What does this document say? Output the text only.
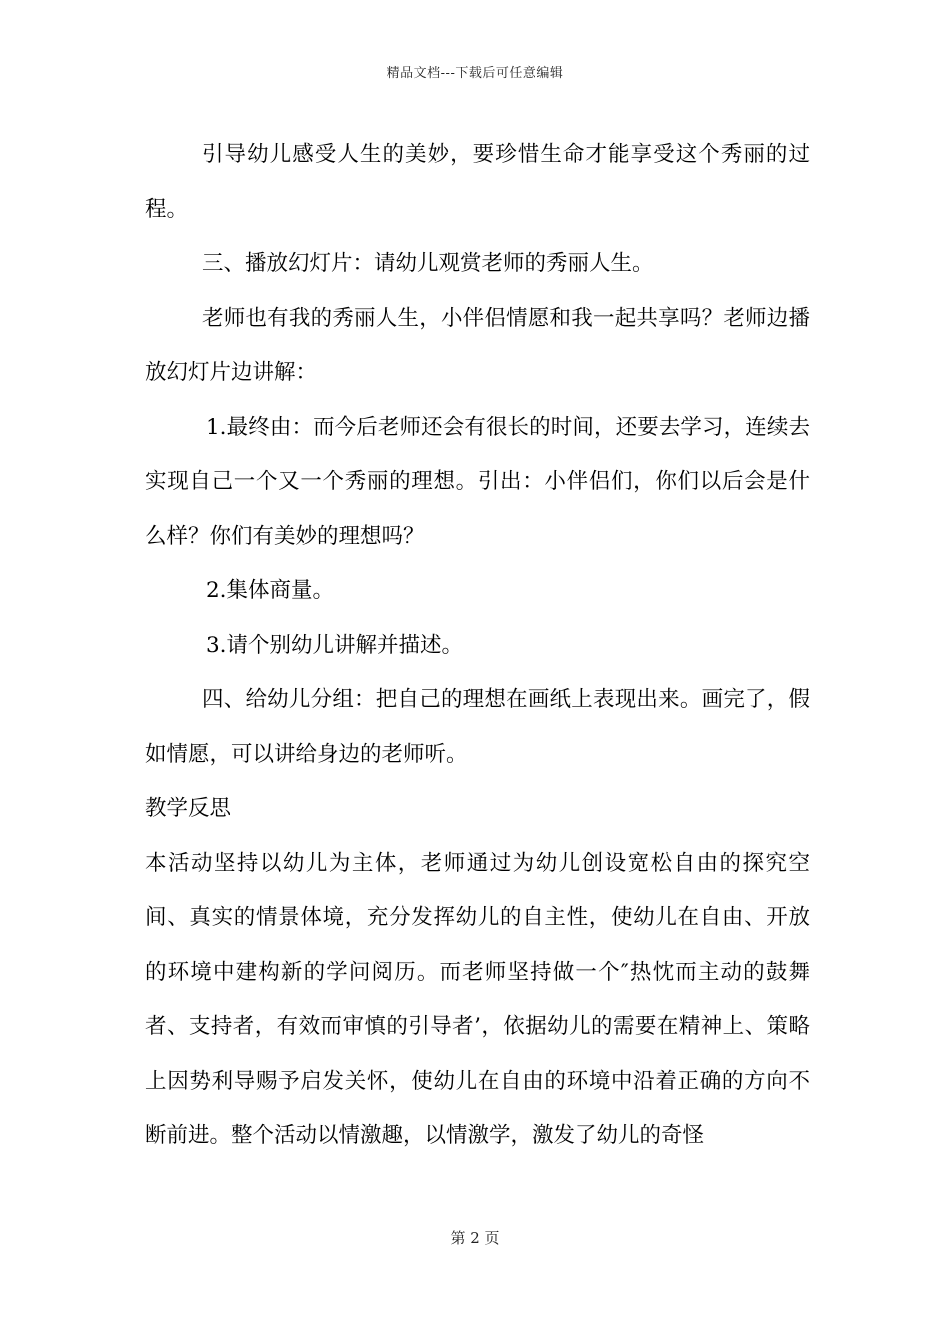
精品文档---下载后可任意编辑

引导幼儿感受人生的美妙，要珍惜生命才能享受这个秀丽的过程。

三、播放幻灯片：请幼儿观赏老师的秀丽人生。

老师也有我的秀丽人生，小伴侣情愿和我一起共享吗？老师边播放幻灯片边讲解：

1.最终由：而今后老师还会有很长的时间，还要去学习，连续去实现自己一个又一个秀丽的理想。引出：小伴侣们，你们以后会是什么样？你们有美妙的理想吗？

2.集体商量。

3.请个别幼儿讲解并描述。

四、给幼儿分组：把自己的理想在画纸上表现出来。画完了，假如情愿，可以讲给身边的老师听。

教学反思

本活动坚持以幼儿为主体，老师通过为幼儿创设宽松自由的探究空间、真实的情景体境，充分发挥幼儿的自主性，使幼儿在自由、开放的环境中建构新的学问阅历。而老师坚持做一个″热忱而主动的鼓舞者、支持者，有效而审慎的引导者’，依据幼儿的需要在精神上、策略上因势利导赐予启发关怀，使幼儿在自由的环境中沿着正确的方向不断前进。整个活动以情激趣，以情激学，激发了幼儿的奇怪

第 2 页
